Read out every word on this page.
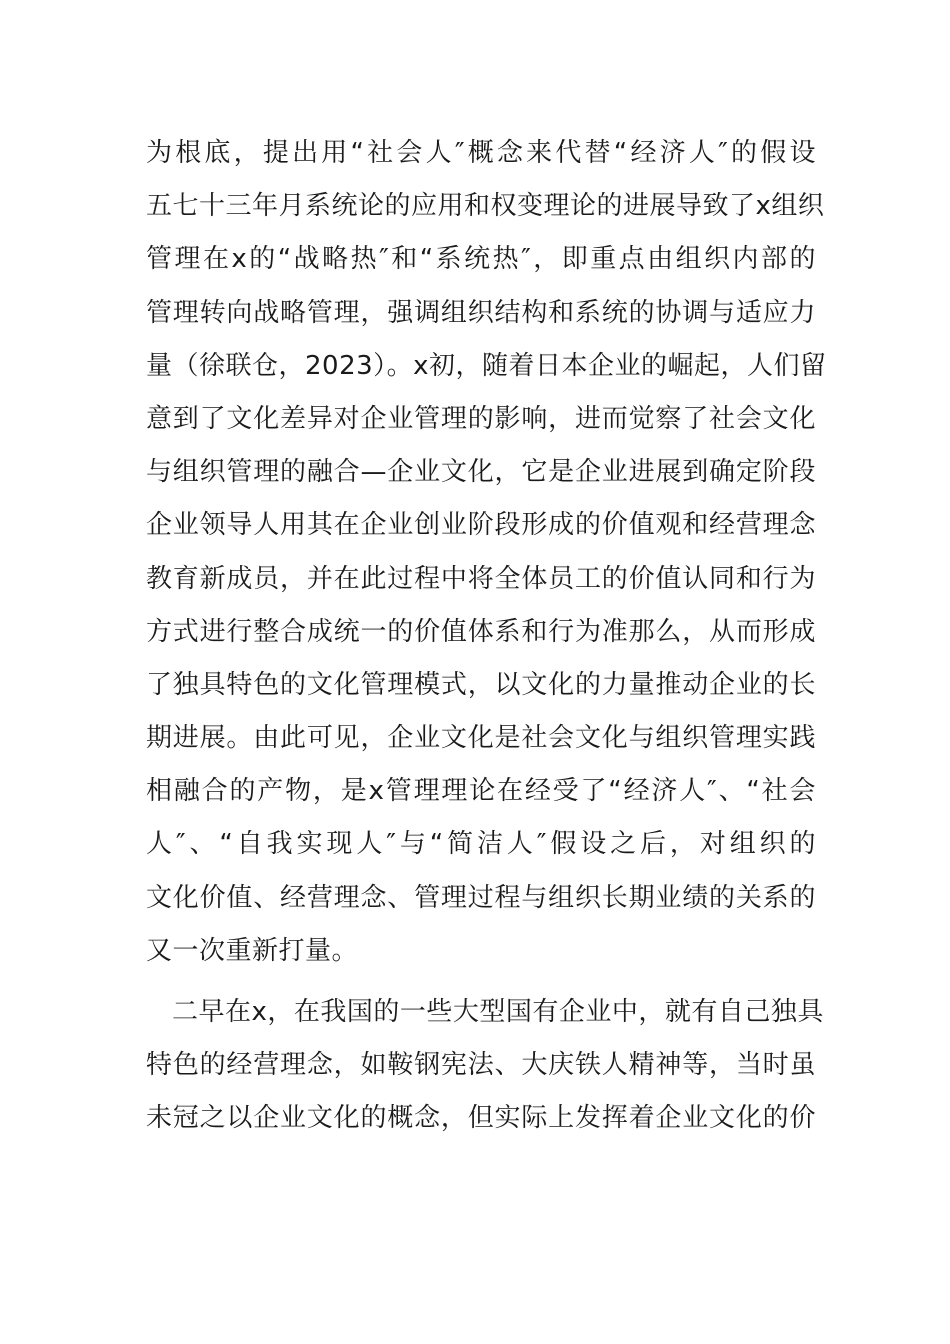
为根底，提出用“社会人″概念来代替“经济人″的假设
五七十三年月系统论的应用和权变理论的进展导致了x组织
管理在x的“战略热″和“系统热″，即重点由组织内部的
管理转向战略管理，强调组织结构和系统的协调与适应力
量（徐联仓，2023）。x初，随着日本企业的崛起，人们留
意到了文化差异对企业管理的影响，进而觉察了社会文化
与组织管理的融合—企业文化，它是企业进展到确定阶段
企业领导人用其在企业创业阶段形成的价值观和经营理念
教育新成员，并在此过程中将全体员工的价值认同和行为
方式进行整合成统一的价值体系和行为准那么，从而形成
了独具特色的文化管理模式，以文化的力量推动企业的长
期进展。由此可见，企业文化是社会文化与组织管理实践
相融合的产物，是x管理理论在经受了“经济人″、“社会
人″、“自我实现人″与“简洁人″假设之后，对组织的
文化价值、经营理念、管理过程与组织长期业绩的关系的
又一次重新打量。
二早在x，在我国的一些大型国有企业中，就有自己独具
特色的经营理念，如鞍钢宪法、大庆铁人精神等，当时虽
未冠之以企业文化的概念，但实际上发挥着企业文化的价
